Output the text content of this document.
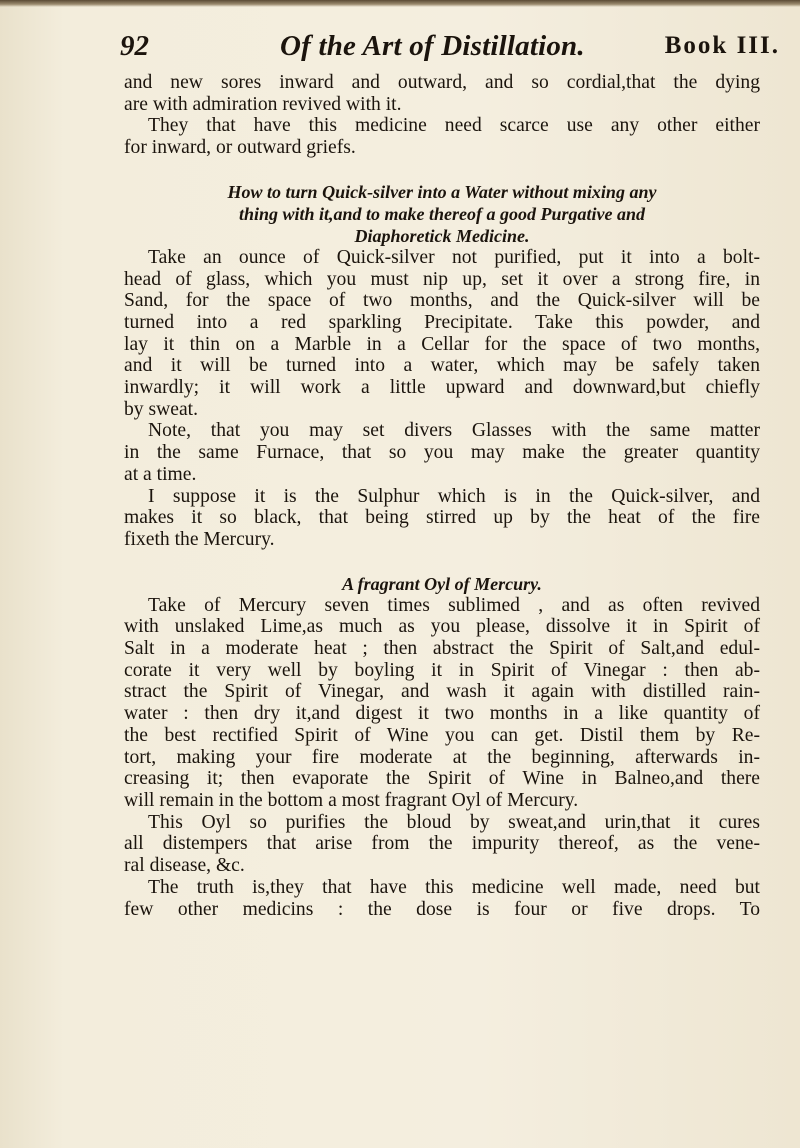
92	Of the Art of Distillation.	Book III.
and new sores inward and outward, and so cordial,that the dying
are with admiration revived with it.
They that have this medicine need scarce use any other either
for inward, or outward griefs.
How to turn Quick-silver into a Water without mixing any
thing with it,and to make thereof a good Purgative and
Diaphoretick Medicine.
Take an ounce of Quick-silver not purified, put it into a bolt-
head of glass, which you must nip up, set it over a strong fire, in
Sand, for the space of two months, and the Quick-silver will be
turned into a red sparkling Precipitate. Take this powder, and
lay it thin on a Marble in a Cellar for the space of two months,
and it will be turned into a water, which may be safely taken
inwardly; it will work a little upward and downward,but chiefly
by sweat.
Note, that you may set divers Glasses with the same matter
in the same Furnace, that so you may make the greater quantity
at a time.
I suppose it is the Sulphur which is in the Quick-silver, and
makes it so black, that being stirred up by the heat of the fire
fixeth the Mercury.
A fragrant Oyl of Mercury.
Take of Mercury seven times sublimed , and as often revived
with unslaked Lime,as much as you please, dissolve it in Spirit of
Salt in a moderate heat ; then abstract the Spirit of Salt,and edul-
corate it very well by boyling it in Spirit of Vinegar : then ab-
stract the Spirit of Vinegar, and wash it again with distilled rain-
water : then dry it,and digest it two months in a like quantity of
the best rectified Spirit of Wine you can get. Distil them by Re-
tort, making your fire moderate at the beginning, afterwards in-
creasing it; then evaporate the Spirit of Wine in Balneo,and there
will remain in the bottom a most fragrant Oyl of Mercury.
This Oyl so purifies the bloud by sweat,and urin,that it cures
all distempers that arise from the impurity thereof, as the vene-
ral disease, &c.
The truth is,they that have this medicine well made, need but
few other medicins : the dose is four or five drops. To
